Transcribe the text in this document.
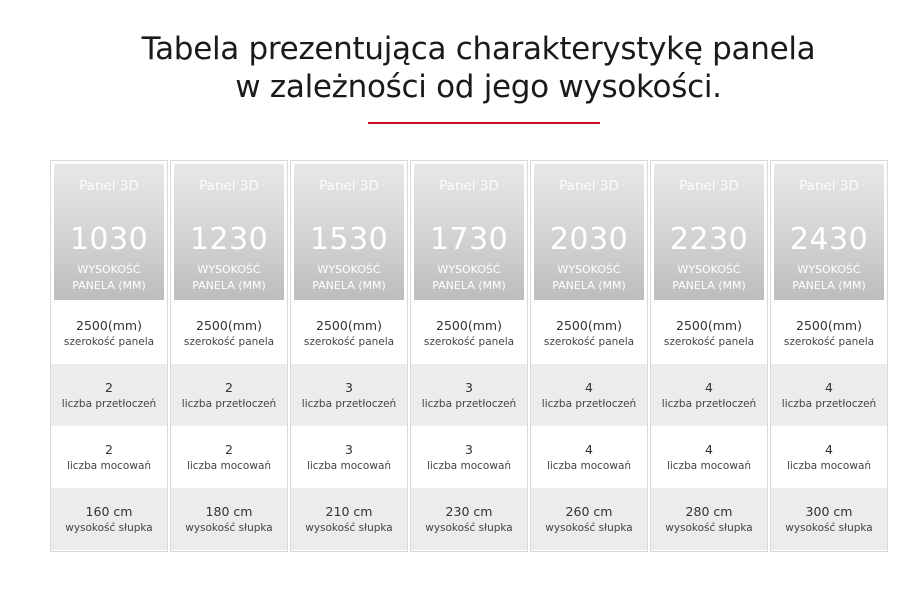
Tabela prezentująca charakterystykę panela
w zależności od jego wysokości.
Panel 3D
1030
WYSOKOŚĆ
PANELA (MM)
2500(mm)
szerokość panela
2
liczba przetłoczeń
2
liczba mocowań
160 cm
wysokość słupka
Panel 3D
1230
WYSOKOŚĆ
PANELA (MM)
2500(mm)
szerokość panela
2
liczba przetłoczeń
2
liczba mocowań
180 cm
wysokość słupka
Panel 3D
1530
WYSOKOŚĆ
PANELA (MM)
2500(mm)
szerokość panela
3
liczba przetłoczeń
3
liczba mocowań
210 cm
wysokość słupka
Panel 3D
1730
WYSOKOŚĆ
PANELA (MM)
2500(mm)
szerokość panela
3
liczba przetłoczeń
3
liczba mocowań
230 cm
wysokość słupka
Panel 3D
2030
WYSOKOŚĆ
PANELA (MM)
2500(mm)
szerokość panela
4
liczba przetłoczeń
4
liczba mocowań
260 cm
wysokość słupka
Panel 3D
2230
WYSOKOŚĆ
PANELA (MM)
2500(mm)
szerokość panela
4
liczba przetłoczeń
4
liczba mocowań
280 cm
wysokość słupka
Panel 3D
2430
WYSOKOŚĆ
PANELA (MM)
2500(mm)
szerokość panela
4
liczba przetłoczeń
4
liczba mocowań
300 cm
wysokość słupka
